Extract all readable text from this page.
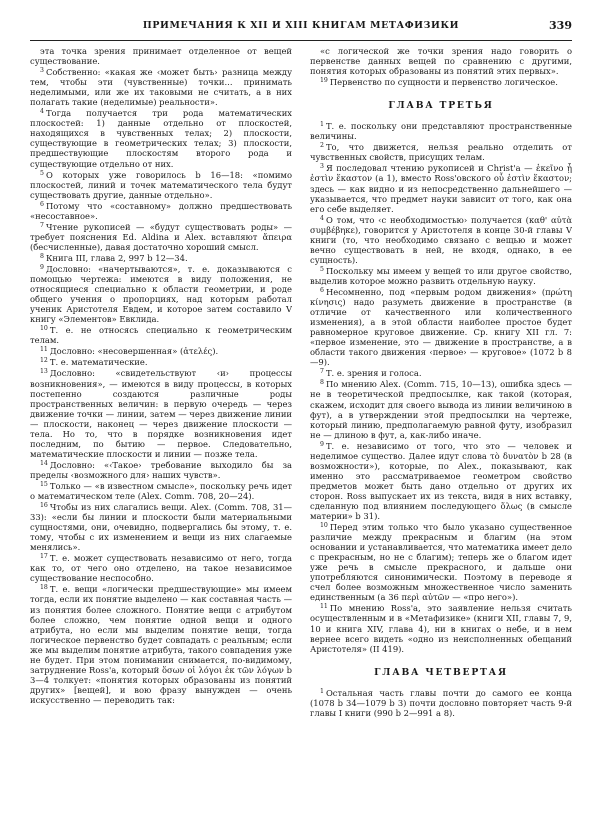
ПРИМЕЧАНИЯ К XII И XIII КНИГАМ МЕТАФИЗИКИ	339

эта точка зрения принимает отделенное от вещей существование.

$^3$ Собственно: «какая же ‹может быть› разница между тем, чтобы эти (чувственные) точки... принимать неделимыми, или же их таковыми не считать, а в них полагать такие (неделимые) реальности».

$^4$ Тогда получается три рода математических плоскостей: 1) данные отдельно от плоскостей, находящихся в чувственных телах; 2) плоскости, существующие в геометрических телах; 3) плоскости, предшествующие плоскостям второго рода и существующие отдельно от них.

$^5$ О которых уже говорилось b 16—18: «помимо плоскостей, линий и точек математического тела будут существовать другие, данные отдельно».

$^6$ Потому что «составному» должно предшествовать «несоставное».

$^7$ Чтение рукописей — «будут существовать роды» — требует пояснения Ed. Aldina и Alex. вставляют ἄπειρα (бесчисленные), давая достаточно хороший смысл.

$^8$ Книга III, глава 2, 997 b 12—34.

$^9$ Дословно: «начертываются», т. е. доказываются с помощью чертежа: имеются в виду положения, не относящиеся специально к области геометрии, и роде общего учения о пропорциях, над которым работал ученик Аристотеля Евдем, и которое затем составило V книгу «Элементов» Евклида.

$^{10}$ Т. е. не относясь специально к геометрическим телам.

$^{11}$ Дословно: «несовершенная» (ἀτελές).

$^{12}$ Т. е. математические.

$^{13}$ Дословно: «свидетельствуют ‹и› процессы возникновения», — имеются в виду процессы, в которых постепенно создаются различные роды пространственных величин: в первую очередь — через движение точки — линии, затем — через движение линии — плоскости, наконец — через движение плоскости — тела. Но то, что в порядке возникновения идет последним, по бытию — первое. Следовательно, математические плоскости и линии — позже тела.

$^{14}$ Дословно: «‹Такое› требование выходило бы за пределы ‹возможного для› наших чувств».

$^{15}$ Только — «в известном смысле», поскольку речь идет о математическом теле (Alex. Comm. 708, 20—24).

$^{16}$ Чтобы из них слагались вещи. Alex. (Comm. 708, 31—33): «если бы линии и плоскости были материальными сущностями, они, очевидно, подвергались бы этому, т. е. тому, чтобы с их изменением и вещи из них слагаемые менялись».

$^{17}$ Т. е. может существовать независимо от него, тогда как то, от чего оно отделено, на такое независимое существование неспособно.

$^{18}$ Т. е. вещи «логически предшествующие» мы имеем тогда, если их понятие выделено — как составная часть — из понятия более сложного. Понятие вещи с атрибутом более сложно, чем понятие одной вещи и одного атрибута, но если мы выделим понятие вещи, тогда логическое первенство будет совпадать с реальным; если же мы выделим понятие атрибута, такого совпадения уже не будет. При этом понимании снимается, по-видимому, затруднение Ross'а, который ὅσων οἱ λόγοι ἐκ τῶν λόγων b 3—4 толкует: «понятия которых образованы из понятий других» [вещей], и вою фразу вынужден — очень искусственно — переводить так:

«с логической же точки зрения надо говорить о первенстве данных вещей по сравнению с другими, понятия которых образованы из понятий этих первых».

$^{19}$ Первенство по сущности и первенство логическое.

ГЛАВА ТРЕТЬЯ

$^1$ Т. е. поскольку они представляют пространственные величины.

$^2$ То, что движется, нельзя реально отделить от чувственных свойств, присущих телам.

$^3$ Я последовал чтению рукописей и Christ'а — ἐκεῖνο ᾗ ἐστὶν ἕκαστον (a 1), вместо Ross'овского οὗ ἐστὶν ἕκαστον; здесь — как видно и из непосредственно дальнейшего — указывается, что предмет науки зависит от того, как она его себе выделяет.

$^4$ О том, что ‹с необходимостью› получается (καθ' αὑτὰ συμβέβηκε), говорится у Аристотеля в конце 30-й главы V книги (то, что необходимо связано с вещью и может вечно существовать в ней, не входя, однако, в ее сущность).

$^5$ Поскольку мы имеем у вещей то или другое свойство, выделив которое можно развить отдельную науку.

$^6$ Несомненно, под «первым родом движения» (πρώτη κίνησις) надо разуметь движение в пространстве (в отличие от качественного или количественного изменения), а в этой области наиболее простое будет равномерное круговое движение. Ср. книгу XII гл. 7: «первое изменение, это — движение в пространстве, а в области такого движения ‹первое› — круговое» (1072 b 8—9).

$^7$ Т. е. зрения и голоса.

$^8$ По мнению Alex. (Comm. 715, 10—13), ошибка здесь — не в теоретической предпосылке, как такой (которая, скажем, исходит для своего вывода из линии величиною в фут), а в утверждении этой предпосылки на чертеже, который линию, предполагаемую равной футу, изобразил не — длиною в фут, а, как-либо иначе.

$^9$ Т. е. независимо от того, что это — человек и неделимое существо. Далее идут слова τὸ δυνατὸν b 28 (в возможности»), которые, по Alex., показывают, как именно это рассматриваемое геометром свойство предметов может быть дано отдельно от других их сторон. Ross выпускает их из текста, видя в них вставку, сделанную под влиянием последующего ὅλως (в смысле материи» b 31).

$^{10}$ Перед этим только что было указано существенное различие между прекрасным и благим (на этом основании и устанавливается, что математика имеет дело с прекрасным, но не с благим); теперь же о благом идет уже речь в смысле прекрасного, и дальше они употребляются синонимически. Поэтому в переводе я счел более возможным множественное число заменить единственным (a 36 περὶ αὐτῶν — «про него»).

$^{11}$ По мнению Ross'а, это заявление нельзя считать осуществленным и в «Метафизике» (книги XII, главы 7, 9, 10 и книга XIV, глава 4), ни в книгах о небе, и в нем вернее всего видеть «одно из неисполненных обещаний Аристотеля» (II 419).

ГЛАВА ЧЕТВЕРТАЯ

$^1$ Остальная часть главы почти до самого ее конца (1078 b 34—1079 b 3) почти дословно повторяет часть 9-й главы I книги (990 b 2—991 a 8).
